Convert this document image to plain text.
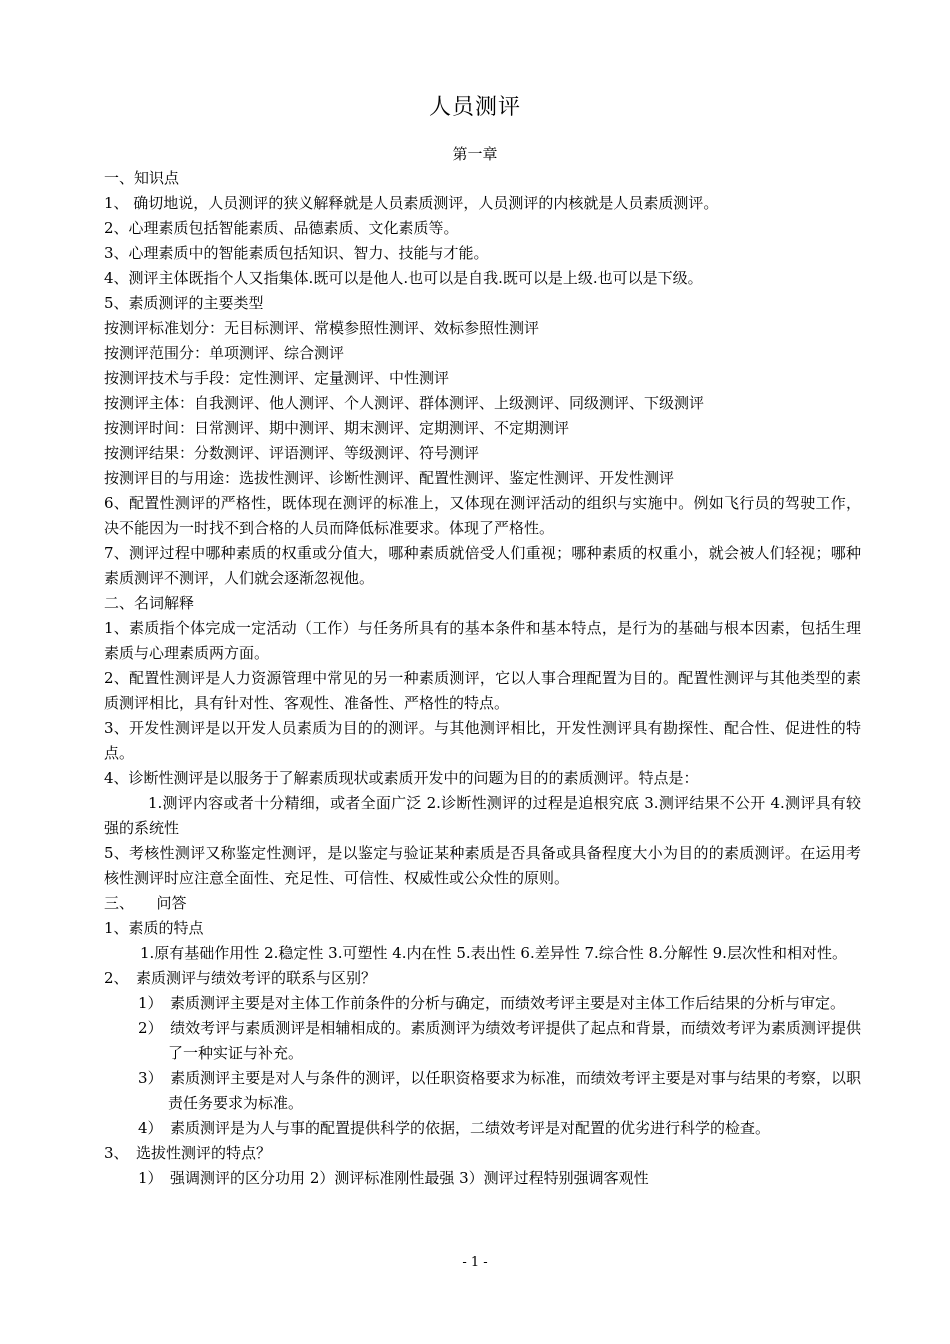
人员测评
第一章

一、知识点

1、 确切地说，人员测评的狭义解释就是人员素质测评，人员测评的内核就是人员素质测评。

2、心理素质包括智能素质、品德素质、文化素质等。

3、心理素质中的智能素质包括知识、智力、技能与才能。

4、测评主体既指个人又指集体.既可以是他人.也可以是自我.既可以是上级.也可以是下级。

5、素质测评的主要类型

按测评标准划分：无目标测评、常模参照性测评、效标参照性测评

按测评范围分：单项测评、综合测评

按测评技术与手段：定性测评、定量测评、中性测评

按测评主体：自我测评、他人测评、个人测评、群体测评、上级测评、同级测评、下级测评

按测评时间：日常测评、期中测评、期末测评、定期测评、不定期测评

按测评结果：分数测评、评语测评、等级测评、符号测评

按测评目的与用途：选拔性测评、诊断性测评、配置性测评、鉴定性测评、开发性测评

6、配置性测评的严格性，既体现在测评的标准上，又体现在测评活动的组织与实施中。例如飞行员的驾驶工作，决不能因为一时找不到合格的人员而降低标准要求。体现了严格性。

7、测评过程中哪种素质的权重或分值大，哪种素质就倍受人们重视；哪种素质的权重小，就会被人们轻视；哪种素质测评不测评，人们就会逐渐忽视他。

二、名词解释

1、素质指个体完成一定活动（工作）与任务所具有的基本条件和基本特点，是行为的基础与根本因素，包括生理素质与心理素质两方面。

2、配置性测评是人力资源管理中常见的另一种素质测评，它以人事合理配置为目的。配置性测评与其他类型的素质测评相比，具有针对性、客观性、准备性、严格性的特点。

3、开发性测评是以开发人员素质为目的的测评。与其他测评相比，开发性测评具有勘探性、配合性、促进性的特点。

4、诊断性测评是以服务于了解素质现状或素质开发中的问题为目的的素质测评。特点是：

1.测评内容或者十分精细，或者全面广泛 2.诊断性测评的过程是追根究底 3.测评结果不公开 4.测评具有较强的系统性

5、考核性测评又称鉴定性测评，是以鉴定与验证某种素质是否具备或具备程度大小为目的的素质测评。在运用考核性测评时应注意全面性、充足性、可信性、权威性或公众性的原则。

三、　　问答

1、素质的特点

1.原有基础作用性 2.稳定性 3.可塑性 4.内在性 5.表出性 6.差异性 7.综合性 8.分解性 9.层次性和相对性。

2、　素质测评与绩效考评的联系与区别？

1）　素质测评主要是对主体工作前条件的分析与确定，而绩效考评主要是对主体工作后结果的分析与审定。

2）　绩效考评与素质测评是相辅相成的。素质测评为绩效考评提供了起点和背景，而绩效考评为素质测评提供了一种实证与补充。

3）　素质测评主要是对人与条件的测评，以任职资格要求为标准，而绩效考评主要是对事与结果的考察，以职责任务要求为标准。

4）　素质测评是为人与事的配置提供科学的依据，二绩效考评是对配置的优劣进行科学的检查。

3、　选拔性测评的特点？

1）　强调测评的区分功用 2）测评标准刚性最强 3）测评过程特别强调客观性

- 1 -
